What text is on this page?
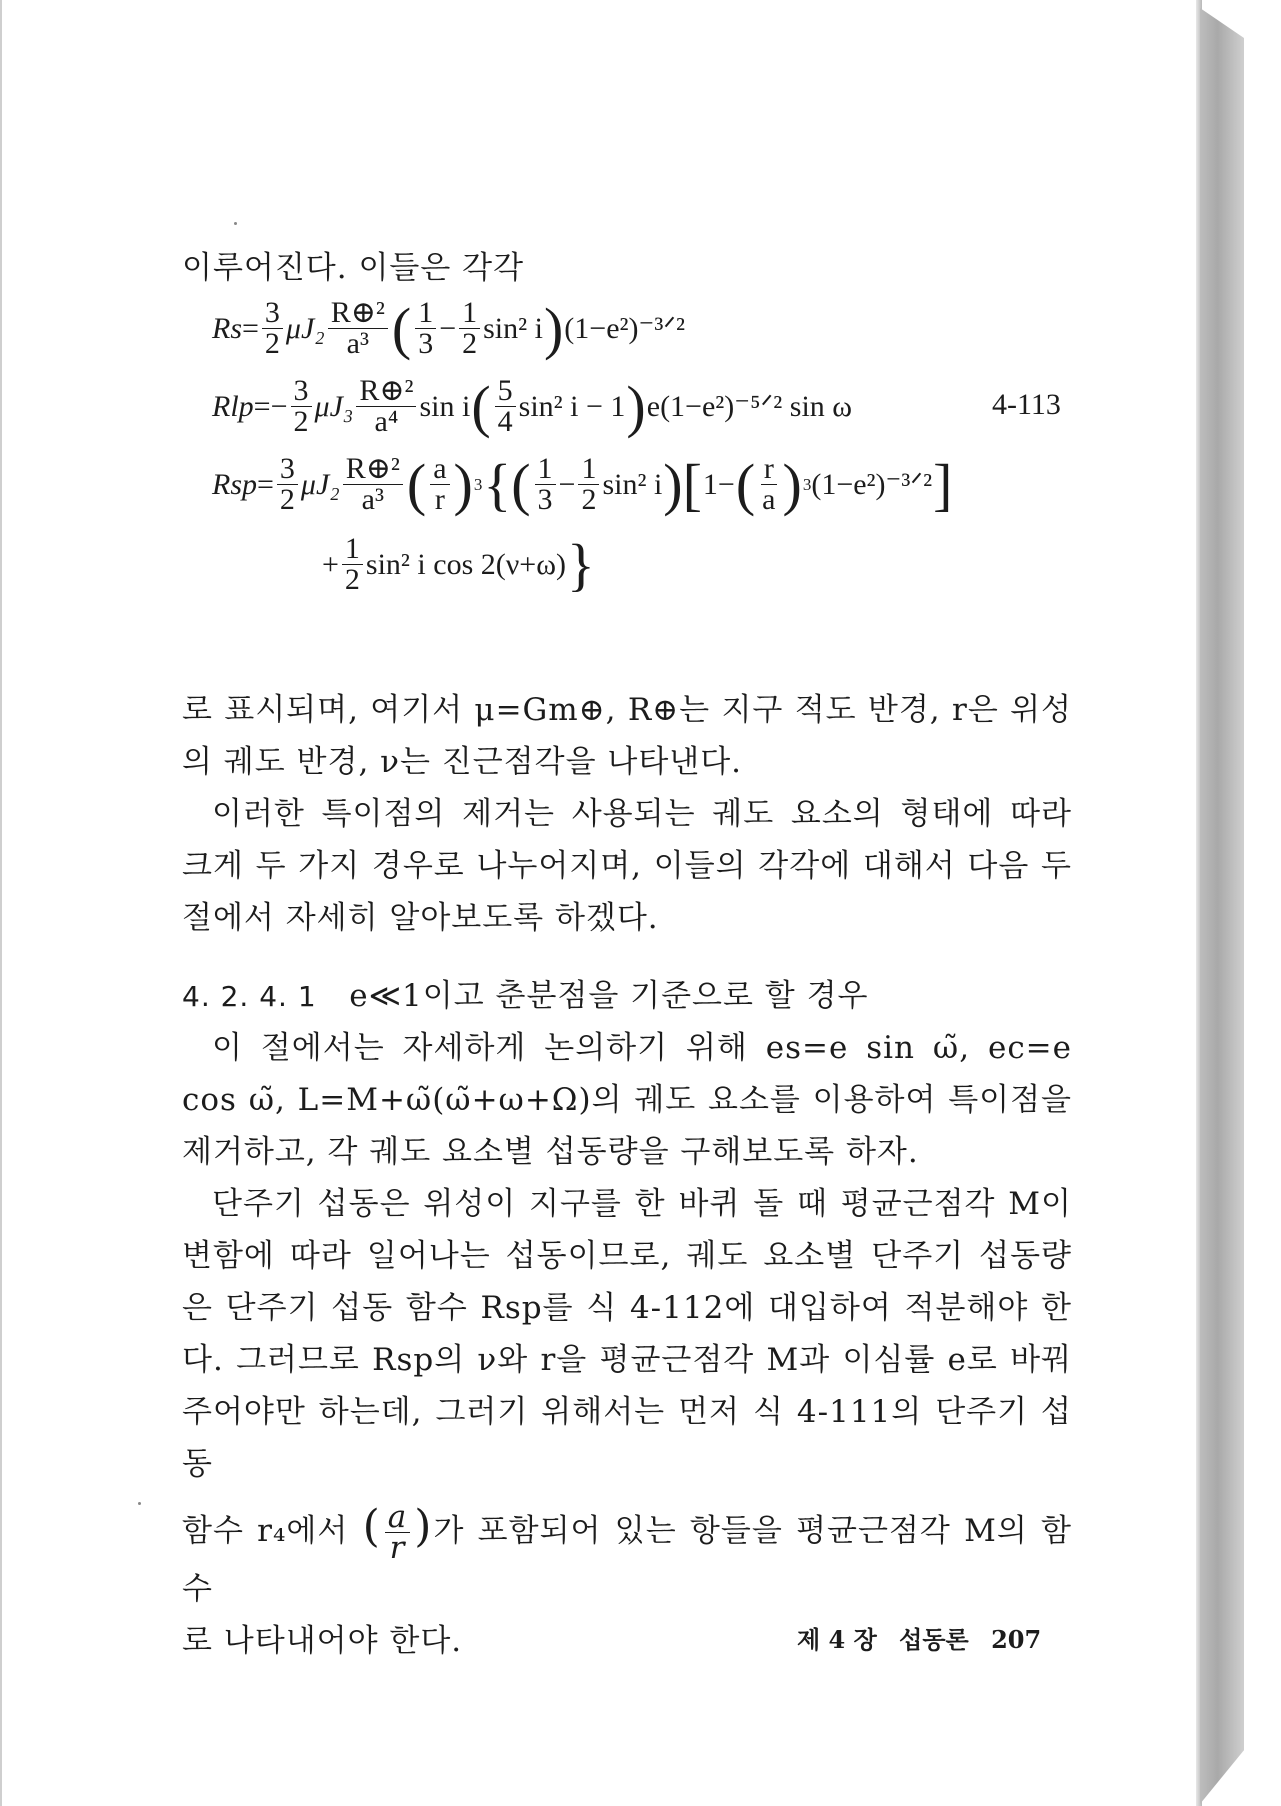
이루어진다. 이들은 각각

$Rs = \frac{3}{2} \mu J_2 \frac{\text{R⊕²}}{\text{a³}}$ ( $\frac{1}{3} - \frac{1}{2} \sin^2$ i ) (1−e²)⁻³ᐟ²
Rlp = − $\frac{3}{2} \mu J_3 \frac{\text{R⊕²}}{\text{a⁴}}$ sin i ( $\frac{5}{4} \sin^2$ i − 1 ) e(1−e²)⁻⁵ᐟ² sin ω	4-113
Rsp = $\frac{3}{2} \mu J_2 \frac{\text{R⊕²}}{\text{a³}}$ ( $\frac{a}{r}$ ) 3 {( $\frac{1}{3} - \frac{1}{2} \sin^2$ i )[ 1− ( $\frac{r}{a}$ ) 3 (1−e²)⁻³ᐟ² ]
+ $\frac{1}{2} \sin^2$ i cos 2(ν+ω) }

로 표시되며, 여기서 μ=Gm⊕, R⊕는 지구 적도 반경, r은 위성의 궤도 반경, ν는 진근점각을 나타낸다.

이러한 특이점의 제거는 사용되는 궤도 요소의 형태에 따라 크게 두 가지 경우로 나누어지며, 이들의 각각에 대해서 다음 두 절에서 자세히 알아보도록 하겠다.

4. 2. 4. 1 e≪1이고 춘분점을 기준으로 할 경우

이 절에서는 자세하게 논의하기 위해 es=e sin ω̃, ec=e cos ω̃, L=M+ω̃(ω̃+ω+Ω)의 궤도 요소를 이용하여 특이점을 제거하고, 각 궤도 요소별 섭동량을 구해보도록 하자.

단주기 섭동은 위성이 지구를 한 바퀴 돌 때 평균근점각 M이 변함에 따라 일어나는 섭동이므로, 궤도 요소별 단주기 섭동량은 단주기 섭동 함수 Rsp를 식 4-112에 대입하여 적분해야 한다. 그러므로 Rsp의 ν와 r을 평균근점각 M과 이심률 e로 바꿔 주어야만 하는데, 그러기 위해서는 먼저 식 4-111의 단주기 섭동

함수 r₄에서 ( $\frac{a}{r}$ )가 포함되어 있는 항들을 평균근점각 M의 함수

로 나타내어야 한다.	제 4 장 섭동론 207
